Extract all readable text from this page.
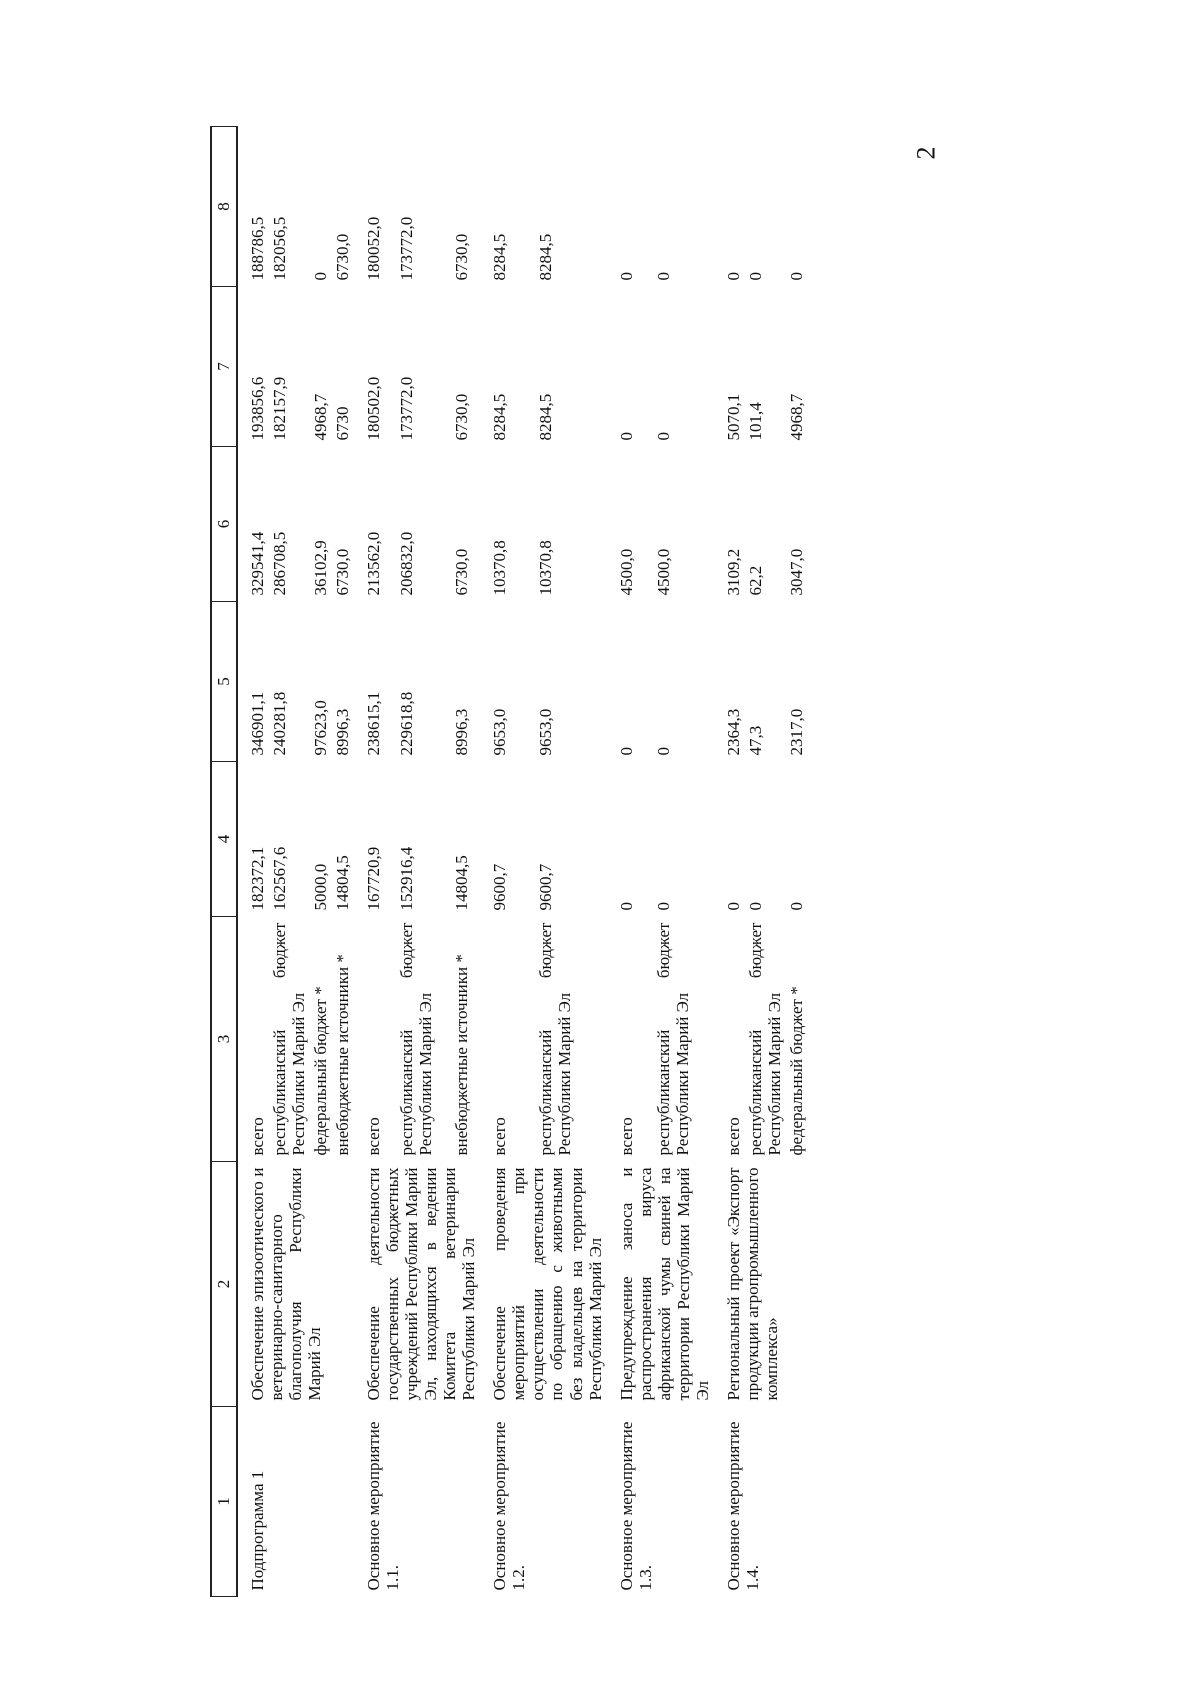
2
1	2	3	4	5	6	7	8
Подпрограмма 1	Обеспечение эпизоотического и ветеринарно-санитарного благополучия Республики Марий Эл	всего	182372,1	346901,1	329541,4	193856,6	188786,5
		республиканский бюджет Республики Марий Эл	162567,6	240281,8	286708,5	182157,9	182056,5
		федеральный бюджет *	5000,0	97623,0	36102,9	4968,7	0
		внебюджетные источники *	14804,5	8996,3	6730,0	6730	6730,0
Основное мероприятие 1.1.	Обеспечение деятельности государственных бюджетных учреждений Республики Марий Эл, находящихся в ведении Комитета ветеринарии Республики Марий Эл	всего	167720,9	238615,1	213562,0	180502,0	180052,0
		республиканский бюджет Республики Марий Эл	152916,4	229618,8	206832,0	173772,0	173772,0
		внебюджетные источники *	14804,5	8996,3	6730,0	6730,0	6730,0
Основное мероприятие 1.2.	Обеспечение проведения мероприятий при осуществлении деятельности по обращению с животными без владельцев на территории Республики Марий Эл	всего	9600,7	9653,0	10370,8	8284,5	8284,5
		республиканский бюджет Республики Марий Эл	9600,7	9653,0	10370,8	8284,5	8284,5
Основное мероприятие 1.3.	Предупреждение заноса и распространения вируса африканской чумы свиней на территории Республики Марий Эл	всего	0	0	4500,0	0	0
		республиканский бюджет Республики Марий Эл	0	0	4500,0	0	0
Основное мероприятие 1.4.	Региональный проект «Экспорт продукции агропромышленного комплекса»	всего	0	2364,3	3109,2	5070,1	0
		республиканский бюджет Республики Марий Эл	0	47,3	62,2	101,4	0
		федеральный бюджет *	0	2317,0	3047,0	4968,7	0
